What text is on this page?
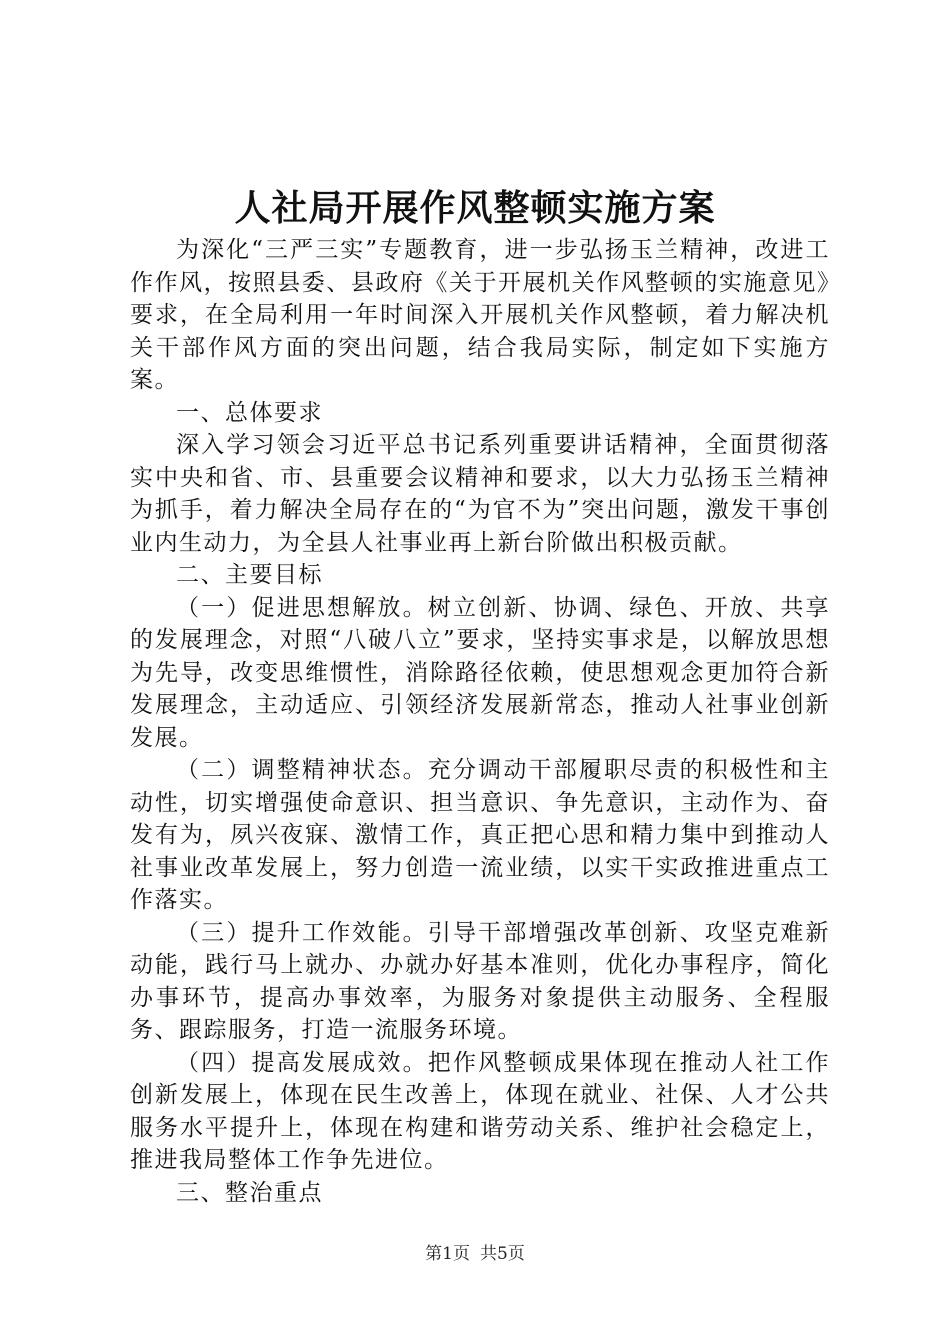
人社局开展作风整顿实施方案

为深化“三严三实”专题教育，进一步弘扬玉兰精神，改进工作作风，按照县委、县政府《关于开展机关作风整顿的实施意见》要求，在全局利用一年时间深入开展机关作风整顿，着力解决机关干部作风方面的突出问题，结合我局实际，制定如下实施方案。

一、总体要求

深入学习领会习近平总书记系列重要讲话精神，全面贯彻落实中央和省、市、县重要会议精神和要求，以大力弘扬玉兰精神为抓手，着力解决全局存在的“为官不为”突出问题，激发干事创业内生动力，为全县人社事业再上新台阶做出积极贡献。

二、主要目标

（一）促进思想解放。树立创新、协调、绿色、开放、共享的发展理念，对照“八破八立”要求，坚持实事求是，以解放思想为先导，改变思维惯性，消除路径依赖，使思想观念更加符合新发展理念，主动适应、引领经济发展新常态，推动人社事业创新发展。

（二）调整精神状态。充分调动干部履职尽责的积极性和主动性，切实增强使命意识、担当意识、争先意识，主动作为、奋发有为，夙兴夜寐、激情工作，真正把心思和精力集中到推动人社事业改革发展上，努力创造一流业绩，以实干实政推进重点工作落实。

（三）提升工作效能。引导干部增强改革创新、攻坚克难新动能，践行马上就办、办就办好基本准则，优化办事程序，简化办事环节，提高办事效率，为服务对象提供主动服务、全程服务、跟踪服务，打造一流服务环境。

（四）提高发展成效。把作风整顿成果体现在推动人社工作创新发展上，体现在民生改善上，体现在就业、社保、人才公共服务水平提升上，体现在构建和谐劳动关系、维护社会稳定上，推进我局整体工作争先进位。

三、整治重点

第1页 共5页
